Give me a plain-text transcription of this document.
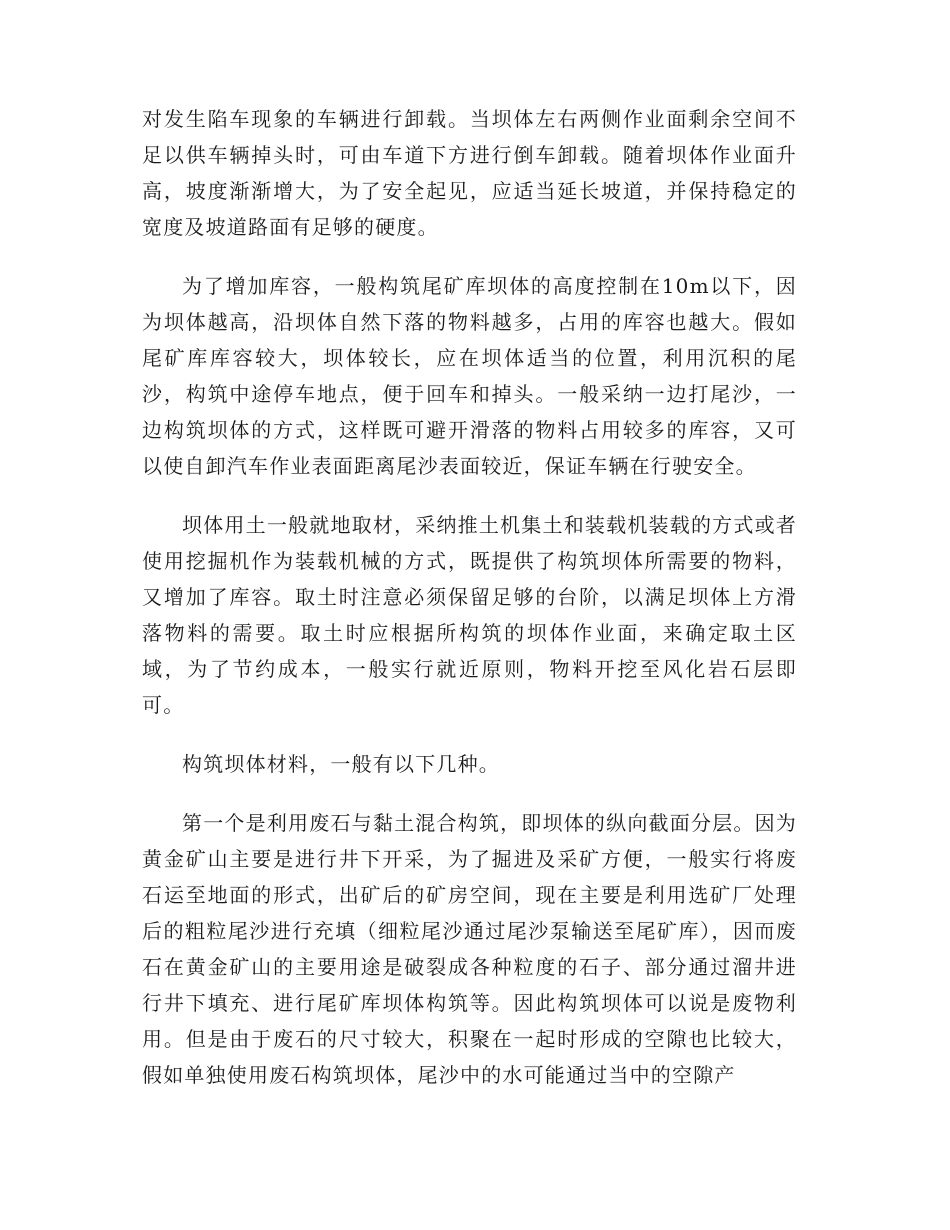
对发生陷车现象的车辆进行卸载。当坝体左右两侧作业面剩余空间不足以供车辆掉头时，可由车道下方进行倒车卸载。随着坝体作业面升高，坡度渐渐增大，为了安全起见，应适当延长坡道，并保持稳定的宽度及坡道路面有足够的硬度。

为了增加库容，一般构筑尾矿库坝体的高度控制在10m以下，因为坝体越高，沿坝体自然下落的物料越多，占用的库容也越大。假如尾矿库库容较大，坝体较长，应在坝体适当的位置，利用沉积的尾沙，构筑中途停车地点，便于回车和掉头。一般采纳一边打尾沙，一边构筑坝体的方式，这样既可避开滑落的物料占用较多的库容，又可以使自卸汽车作业表面距离尾沙表面较近，保证车辆在行驶安全。

坝体用土一般就地取材，采纳推土机集土和装载机装载的方式或者使用挖掘机作为装载机械的方式，既提供了构筑坝体所需要的物料，又增加了库容。取土时注意必须保留足够的台阶，以满足坝体上方滑落物料的需要。取土时应根据所构筑的坝体作业面，来确定取土区域，为了节约成本，一般实行就近原则，物料开挖至风化岩石层即可。

构筑坝体材料，一般有以下几种。

第一个是利用废石与黏土混合构筑，即坝体的纵向截面分层。因为黄金矿山主要是进行井下开采，为了掘进及采矿方便，一般实行将废石运至地面的形式，出矿后的矿房空间，现在主要是利用选矿厂处理后的粗粒尾沙进行充填（细粒尾沙通过尾沙泵输送至尾矿库），因而废石在黄金矿山的主要用途是破裂成各种粒度的石子、部分通过溜井进行井下填充、进行尾矿库坝体构筑等。因此构筑坝体可以说是废物利用。但是由于废石的尺寸较大，积聚在一起时形成的空隙也比较大，假如单独使用废石构筑坝体，尾沙中的水可能通过当中的空隙产
